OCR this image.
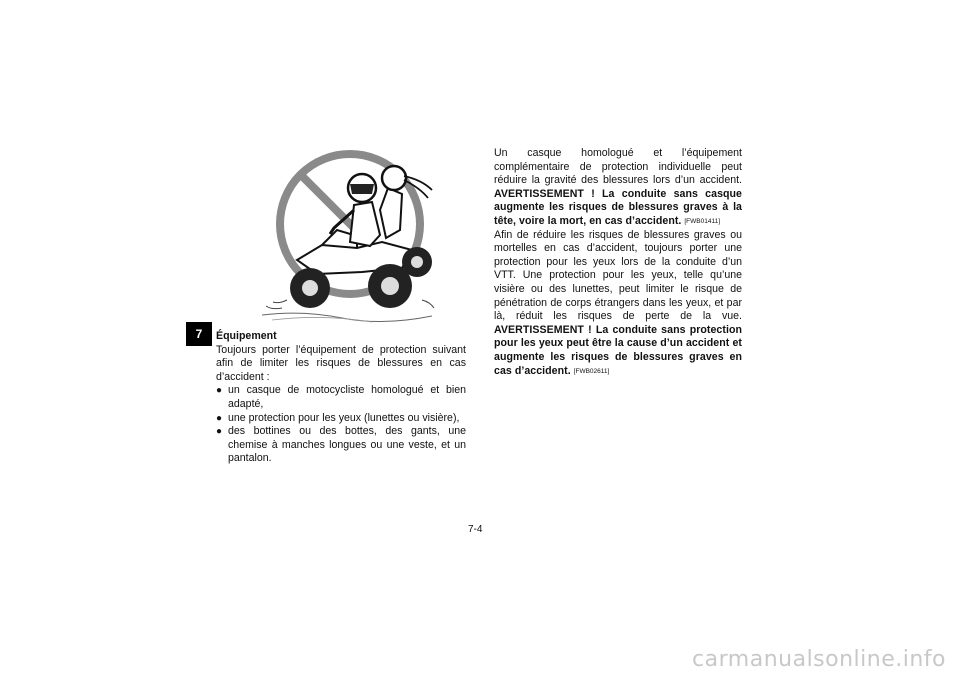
7 Équipement

Toujours porter l’équipement de protection suivant afin de limiter les risques de blessures en cas d’accident :

● un casque de motocycliste homologué et bien adapté,
● une protection pour les yeux (lunettes ou visière),
● des bottines ou des bottes, des gants, une chemise à manches longues ou une veste, et un pantalon.

Un casque homologué et l’équipement complémentaire de protection individuelle peut réduire la gravité des blessures lors d’un accident. AVERTISSEMENT ! La conduite sans casque augmente les risques de blessures graves à la tête, voire la mort, en cas d’accident. [FWB01411]

Afin de réduire les risques de blessures graves ou mortelles en cas d’accident, toujours porter une protection pour les yeux lors de la conduite d’un VTT. Une protection pour les yeux, telle qu’une visière ou des lunettes, peut limiter le risque de pénétration de corps étrangers dans les yeux, et par là, réduit les risques de perte de la vue. AVERTISSEMENT ! La conduite sans protection pour les yeux peut être la cause d’un accident et augmente les risques de blessures graves en cas d’accident. [FWB02611]

7-4
carmanualsonline.info
